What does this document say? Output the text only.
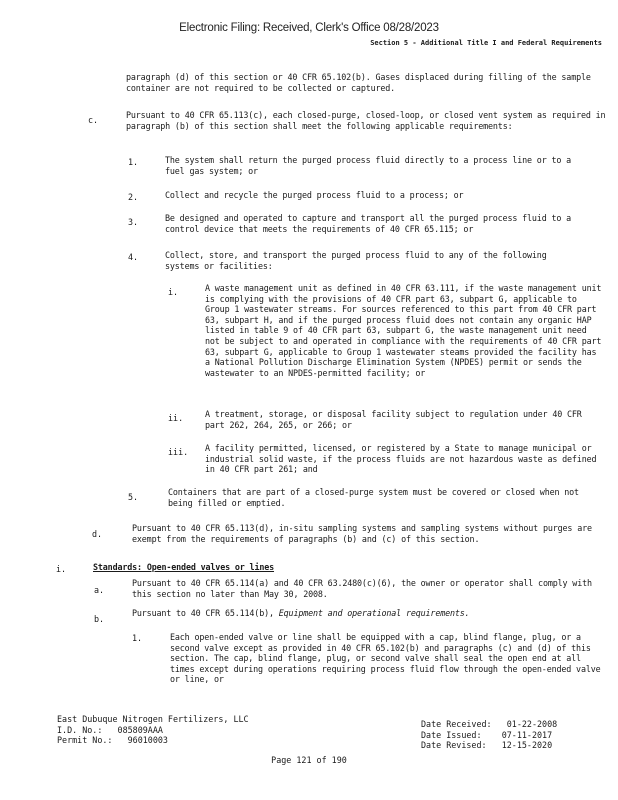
Electronic Filing: Received, Clerk's Office 08/28/2023
Section 5 - Additional Title I and Federal Requirements
paragraph (d) of this section or 40 CFR 65.102(b). Gases displaced during filling of the sample container are not required to be collected or captured.
c.	Pursuant to 40 CFR 65.113(c), each closed-purge, closed-loop, or closed vent system as required in paragraph (b) of this section shall meet the following applicable requirements:
1.	The system shall return the purged process fluid directly to a process line or to a fuel gas system; or
2.	Collect and recycle the purged process fluid to a process; or
3.	Be designed and operated to capture and transport all the purged process fluid to a control device that meets the requirements of 40 CFR 65.115; or
4.	Collect, store, and transport the purged process fluid to any of the following systems or facilities:
i.	A waste management unit as defined in 40 CFR 63.111, if the waste management unit is complying with the provisions of 40 CFR part 63, subpart G, applicable to Group 1 wastewater streams. For sources referenced to this part from 40 CFR part 63, subpart H, and if the purged process fluid does not contain any organic HAP listed in table 9 of 40 CFR part 63, subpart G, the waste management unit need not be subject to and operated in compliance with the requirements of 40 CFR part 63, subpart G, applicable to Group 1 wastewater steams provided the facility has a National Pollution Discharge Elimination System (NPDES) permit or sends the wastewater to an NPDES-permitted facility; or
ii.	A treatment, storage, or disposal facility subject to regulation under 40 CFR part 262, 264, 265, or 266; or
iii. A facility permitted, licensed, or registered by a State to manage municipal or industrial solid waste, if the process fluids are not hazardous waste as defined in 40 CFR part 261; and
5.	Containers that are part of a closed-purge system must be covered or closed when not being filled or emptied.
d.
Pursuant to 40 CFR 65.113(d), in-situ sampling systems and sampling systems without purges are exempt from the requirements of paragraphs (b) and (c) of this section.
i.	Standards: Open-ended valves or lines
a.
Pursuant to 40 CFR 65.114(a) and 40 CFR 63.2480(c)(6), the owner or operator shall comply with this section no later than May 30, 2008.
b.
Pursuant to 40 CFR 65.114(b), Equipment and operational requirements.
1.	Each open-ended valve or line shall be equipped with a cap, blind flange, plug, or a second valve except as provided in 40 CFR 65.102(b) and paragraphs (c) and (d) of this section. The cap, blind flange, plug, or second valve shall seal the open end at all times except during operations requiring process fluid flow through the open-ended valve or line, or
East Dubuque Nitrogen Fertilizers, LLC
I.D. No.: 085809AAA
Permit No.: 96010003
Date Received: 01-22-2008
Date Issued: 07-11-2017
Date Revised: 12-15-2020
Page 121 of 190
